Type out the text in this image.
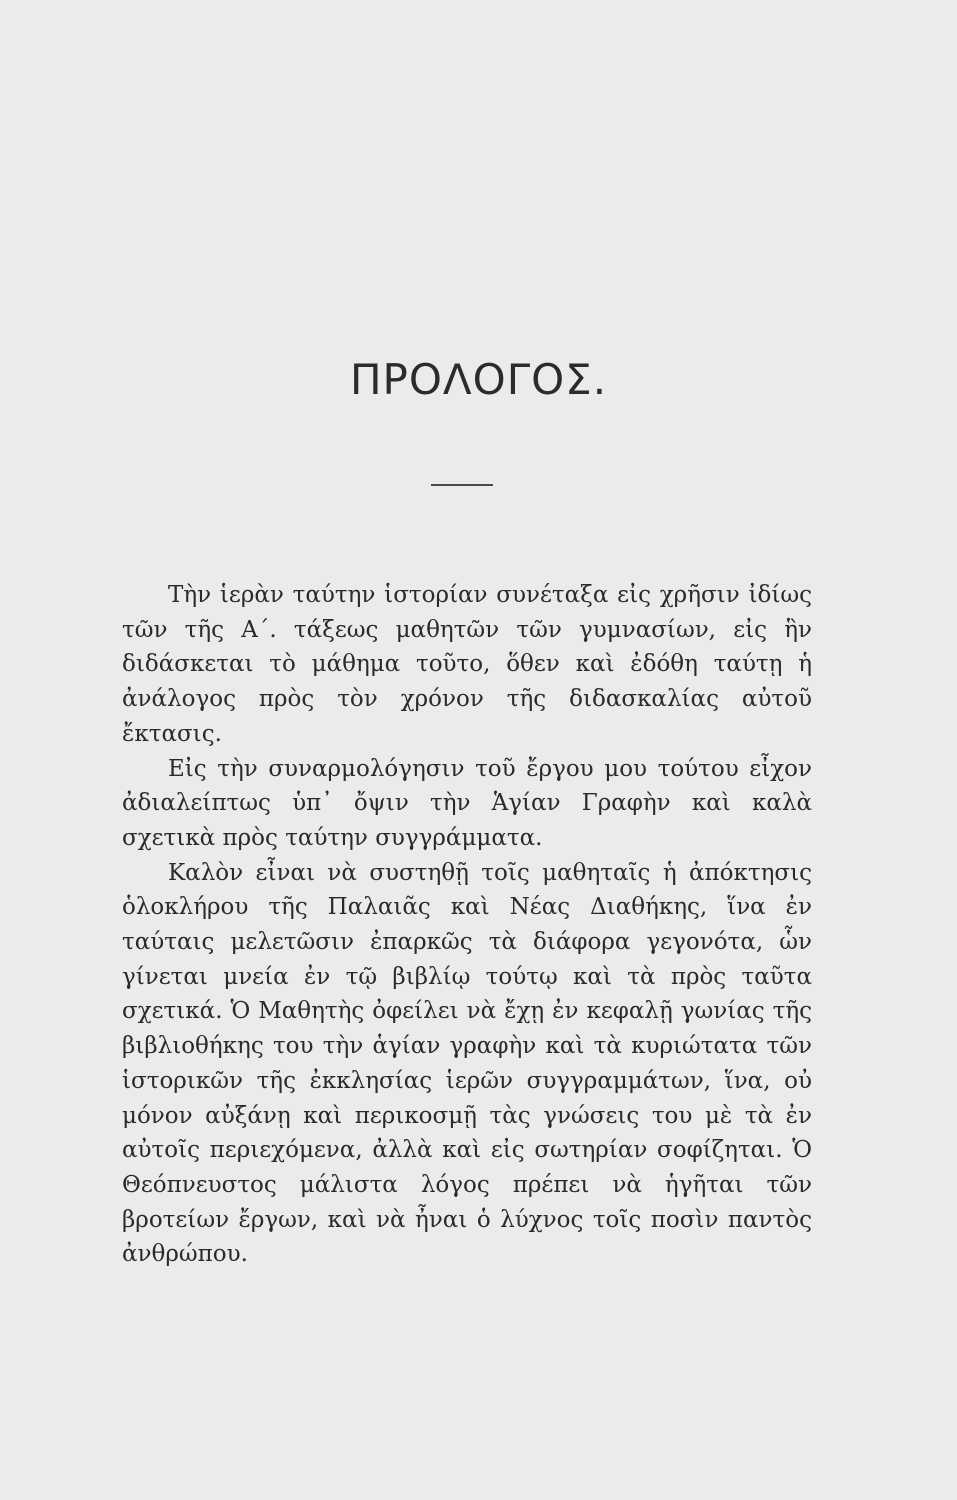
ΠΡΟΛΟΓΟΣ.

Τὴν ἱερὰν ταύτην ἱστορίαν συνέταξα εἰς χρῆσιν ἰδίως τῶν τῆς Α΄. τάξεως μαθητῶν τῶν γυμνασίων, εἰς ἣν διδάσκεται τὸ μάθημα τοῦτο, ὅθεν καὶ ἐδόθη ταύτῃ ἡ ἀνάλογος πρὸς τὸν χρόνον τῆς διδασκαλίας αὐτοῦ ἔκτασις.

Εἰς τὴν συναρμολόγησιν τοῦ ἔργου μου τούτου εἶχον ἀδιαλείπτως ὑπ᾽ ὄψιν τὴν Ἁγίαν Γραφὴν καὶ καλὰ σχετικὰ πρὸς ταύτην συγγράμματα.

Καλὸν εἶναι νὰ συστηθῇ τοῖς μαθηταῖς ἡ ἀπόκτησις ὁλοκλήρου τῆς Παλαιᾶς καὶ Νέας Διαθήκης, ἵνα ἐν ταύταις μελετῶσιν ἐπαρκῶς τὰ διάφορα γεγονότα, ὧν γίνεται μνεία ἐν τῷ βιβλίῳ τούτῳ καὶ τὰ πρὸς ταῦτα σχετικά. Ὁ Μαθητὴς ὀφείλει νὰ ἔχῃ ἐν κεφαλῇ γωνίας τῆς βιβλιοθήκης του τὴν ἁγίαν γραφὴν καὶ τὰ κυριώτατα τῶν ἱστορικῶν τῆς ἐκκλησίας ἱερῶν συγγραμμάτων, ἵνα, οὐ μόνον αὐξάνῃ καὶ περικοσμῇ τὰς γνώσεις του μὲ τὰ ἐν αὐτοῖς περιεχόμενα, ἀλλὰ καὶ εἰς σωτηρίαν σοφίζηται. Ὁ Θεόπνευστος μάλιστα λόγος πρέπει νὰ ἡγῆται τῶν βροτείων ἔργων, καὶ νὰ ἦναι ὁ λύχνος τοῖς ποσὶν παντὸς ἀνθρώπου.
